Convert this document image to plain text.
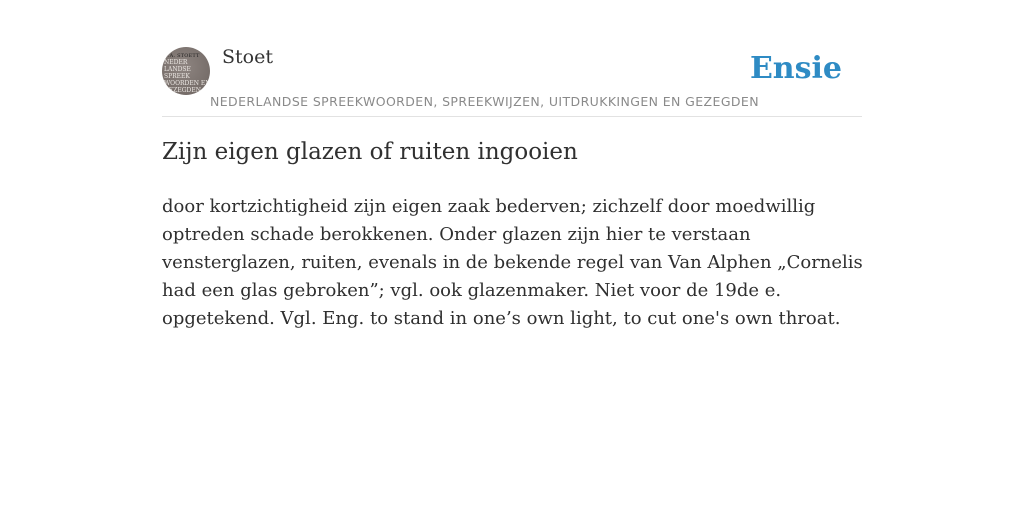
F.A. STOETT
NEDER
LANDSE
SPREEK
WOORDEN EN
GEZEGDEN
Stoet
NEDERLANDSE SPREEKWOORDEN, SPREEKWIJZEN, UITDRUKKINGEN EN GEZEGDEN
Ensie
Zijn eigen glazen of ruiten ingooien

door kortzichtigheid zijn eigen zaak bederven; zichzelf door moedwillig optreden schade berokkenen. Onder glazen zijn hier te verstaan vensterglazen, ruiten, evenals in de bekende regel van Van Alphen „Cornelis had een glas gebroken”; vgl. ook glazenmaker. Niet voor de 19de e. opgetekend. Vgl. Eng. to stand in one’s own light, to cut one's own throat.
